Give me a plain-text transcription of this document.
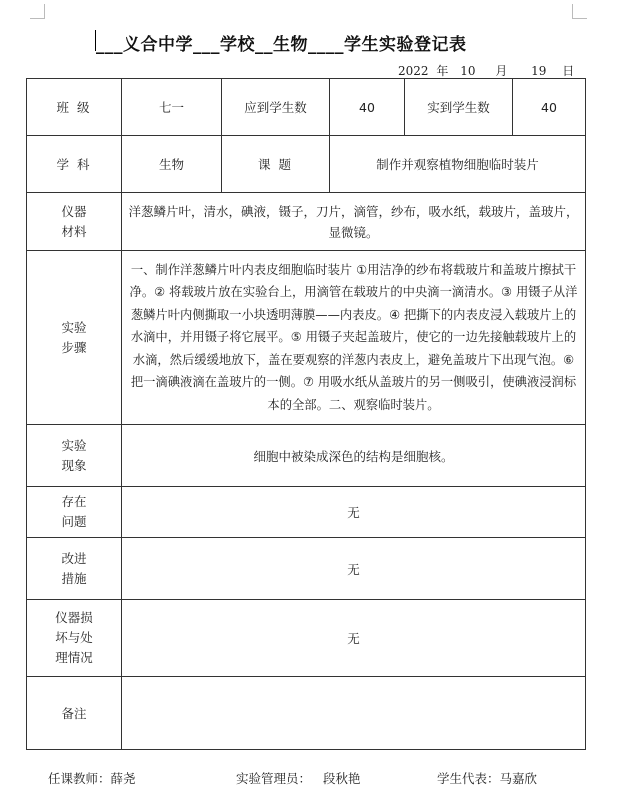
___义合中学___学校__生物____学生实验登记表
2022 年 10 月 19 日
班 级	七一	应到学生数	40	实到学生数	40
学 科	生物	课 题	制作并观察植物细胞临时装片		

仪器
材料	洋葱鳞片叶，清水，碘液，镊子，刀片，滴管，纱布，吸水纸，载玻片，盖玻片，显微镜。				

实验
步骤	一、制作洋葱鳞片叶内表皮细胞临时装片 ①用洁净的纱布将载玻片和盖玻片擦拭干净。② 将载玻片放在实验台上，用滴管在载玻片的中央滴一滴清水。③ 用镊子从洋葱鳞片叶内侧撕取一小块透明薄膜——内表皮。④ 把撕下的内表皮浸入载玻片上的水滴中，并用镊子将它展平。⑤ 用镊子夹起盖玻片，使它的一边先接触载玻片上的水滴，然后缓缓地放下，盖在要观察的洋葱内表皮上，避免盖玻片下出现气泡。⑥ 把一滴碘液滴在盖玻片的一侧。⑦ 用吸水纸从盖玻片的另一侧吸引，使碘液浸润标本的全部。二、观察临时装片。				

实验
现象	细胞中被染成深色的结构是细胞核。				

存在
问题	无				

改进
措施	无				

仪器损
坏与处
理情况	无				
备注					
任课教师：薛尧	实验管理员： 段秋艳	学生代表：马嘉欣
